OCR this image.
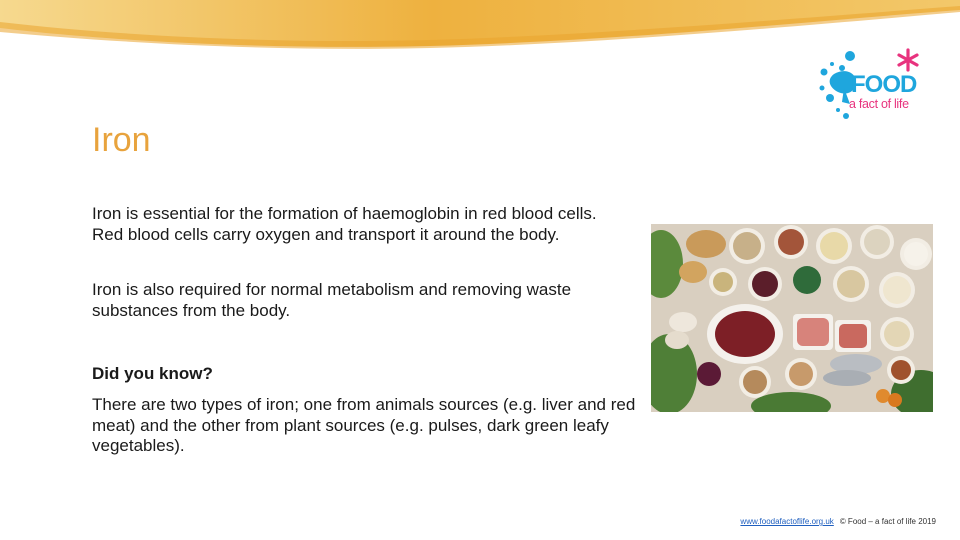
FOOD
a fact of life
Iron

Iron is essential for the formation of haemoglobin in red blood cells. Red blood cells carry oxygen and transport it around the body.

Iron is also required for normal metabolism and removing waste substances from the body.

Did you know?

There are two types of iron; one from animals sources (e.g. liver and red meat) and the other from plant sources (e.g. pulses, dark green leafy vegetables).

www.foodafactoflife.org.uk © Food – a fact of life 2019
